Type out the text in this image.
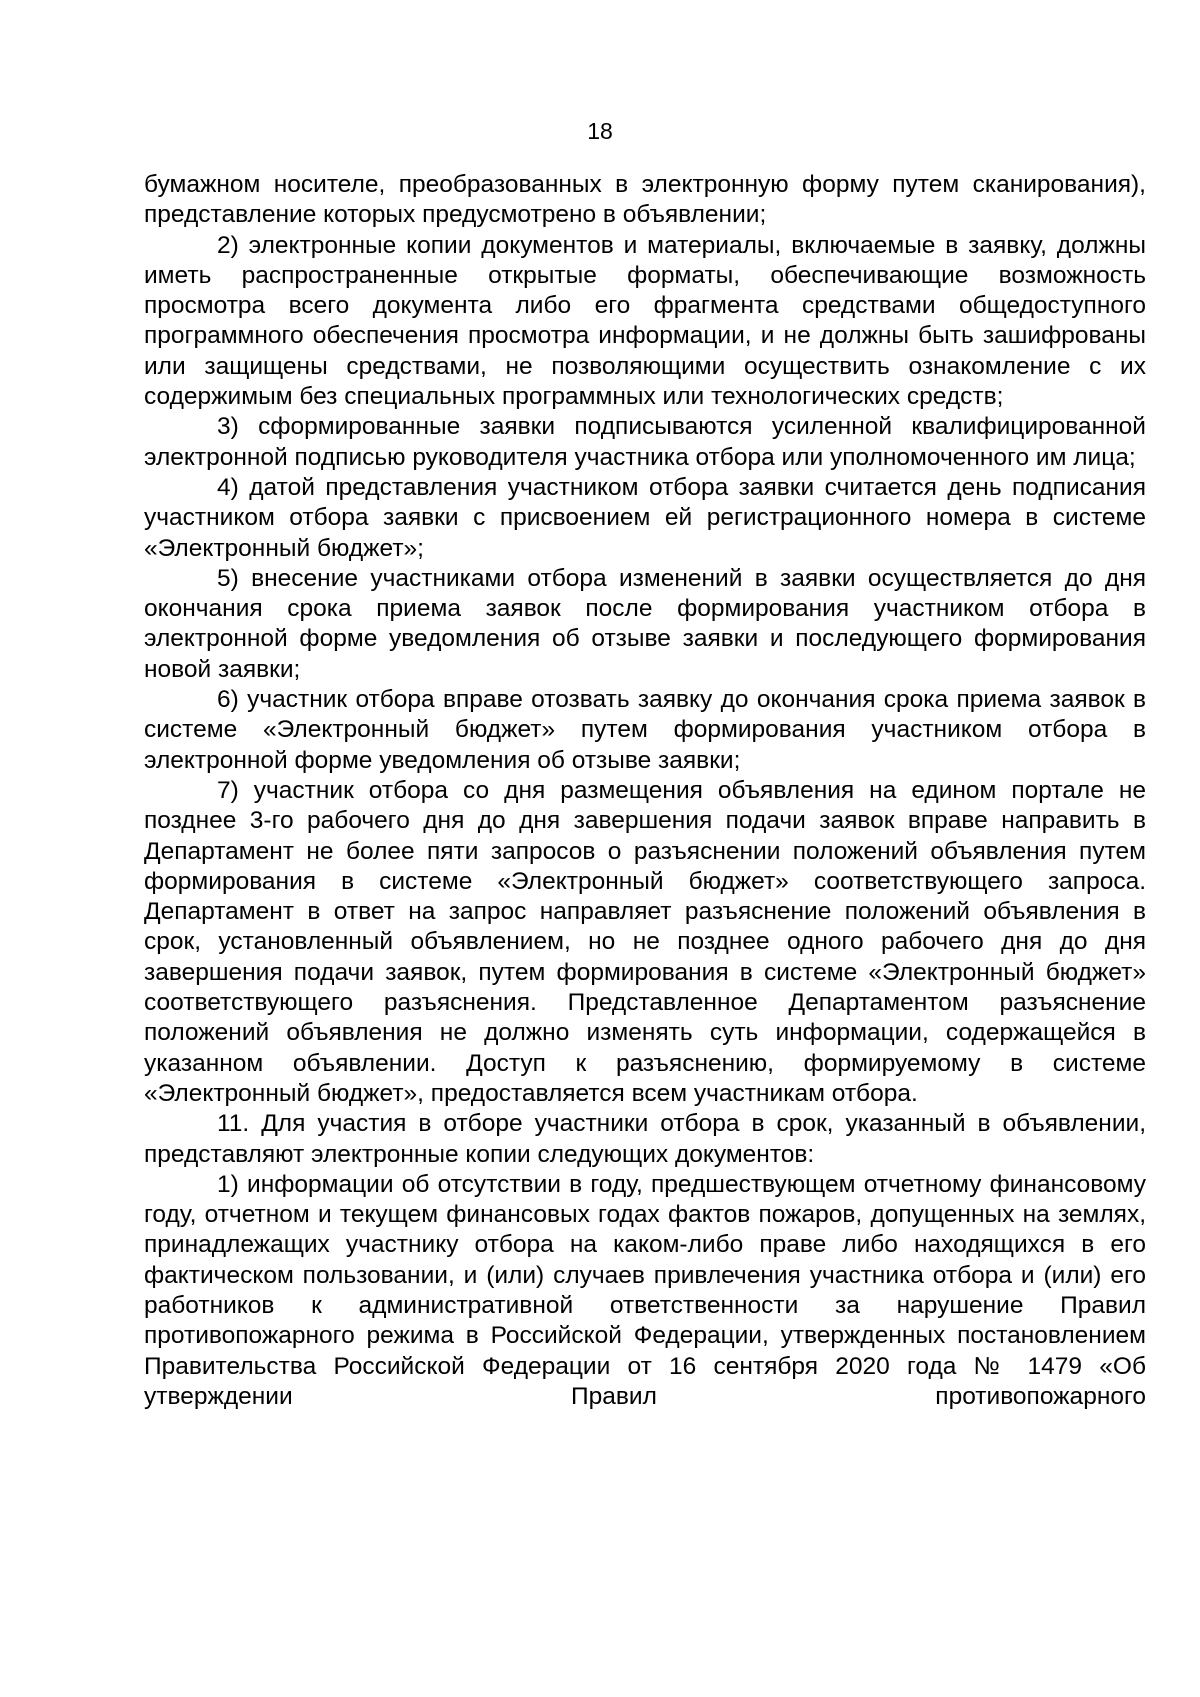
18

бумажном носителе, преобразованных в электронную форму путем сканирования), представление которых предусмотрено в объявлении;

2) электронные копии документов и материалы, включаемые в заявку, должны иметь распространенные открытые форматы, обеспечивающие возможность просмотра всего документа либо его фрагмента средствами общедоступного программного обеспечения просмотра информации, и не должны быть зашифрованы или защищены средствами, не позволяющими осуществить ознакомление с их содержимым без специальных программных или технологических средств;

3) сформированные заявки подписываются усиленной квалифицированной электронной подписью руководителя участника отбора или уполномоченного им лица;

4) датой представления участником отбора заявки считается день подписания участником отбора заявки с присвоением ей регистрационного номера в системе «Электронный бюджет»;

5) внесение участниками отбора изменений в заявки осуществляется до дня окончания срока приема заявок после формирования участником отбора в электронной форме уведомления об отзыве заявки и последующего формирования новой заявки;

6) участник отбора вправе отозвать заявку до окончания срока приема заявок в системе «Электронный бюджет» путем формирования участником отбора в электронной форме уведомления об отзыве заявки;

7) участник отбора со дня размещения объявления на едином портале не позднее 3-го рабочего дня до дня завершения подачи заявок вправе направить в Департамент не более пяти запросов о разъяснении положений объявления путем формирования в системе «Электронный бюджет» соответствующего запроса. Департамент в ответ на запрос направляет разъяснение положений объявления в срок, установленный объявлением, но не позднее одного рабочего дня до дня завершения подачи заявок, путем формирования в системе «Электронный бюджет» соответствующего разъяснения. Представленное Департаментом разъяснение положений объявления не должно изменять суть информации, содержащейся в указанном объявлении. Доступ к разъяснению, формируемому в системе «Электронный бюджет», предоставляется всем участникам отбора.

11. Для участия в отборе участники отбора в срок, указанный в объявлении, представляют электронные копии следующих документов:

1) информации об отсутствии в году, предшествующем отчетному финансовому году, отчетном и текущем финансовых годах фактов пожаров, допущенных на землях, принадлежащих участнику отбора на каком-либо праве либо находящихся в его фактическом пользовании, и (или) случаев привлечения участника отбора и (или) его работников к административной ответственности за нарушение Правил противопожарного режима в Российской Федерации, утвержденных постановлением Правительства Российской Федерации от 16 сентября 2020 года № 1479 «Об утверждении Правил противопожарного
